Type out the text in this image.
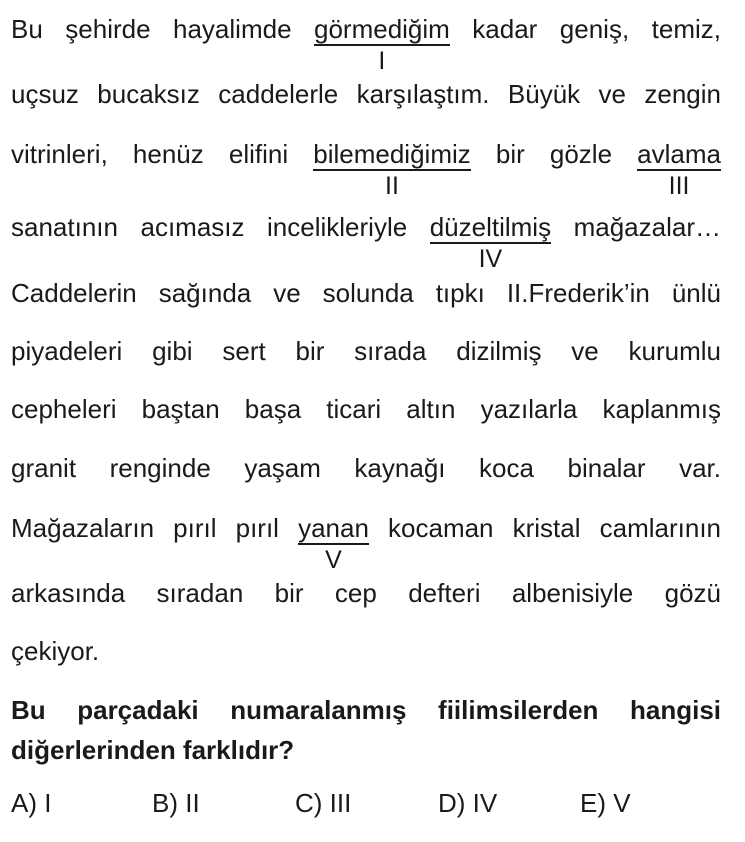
Bu şehirde hayalimde görmediğim
I
kadar geniş, temiz,
uçsuz bucaksız caddelerle karşılaştım. Büyük ve zengin
vitrinleri, henüz elifini bilemediğimiz
II
bir gözle avlama
III
sanatının acımasız incelikleriyle düzeltilmiş
IV
mağazalar…
Caddelerin sağında ve solunda tıpkı II.Frederik’in ünlü
piyadeleri gibi sert bir sırada dizilmiş ve kurumlu
cepheleri baştan başa ticari altın yazılarla kaplanmış
granit renginde yaşam kaynağı koca binalar var.
Mağazaların pırıl pırıl yanan
V
kocaman kristal camlarının
arkasında sıradan bir cep defteri albenisiyle gözü
çekiyor.
Bu parçadaki numaralanmış fiilimsilerden hangisi
diğerlerinden farklıdır?
A) I	B) II	C) III	D) IV	E) V
